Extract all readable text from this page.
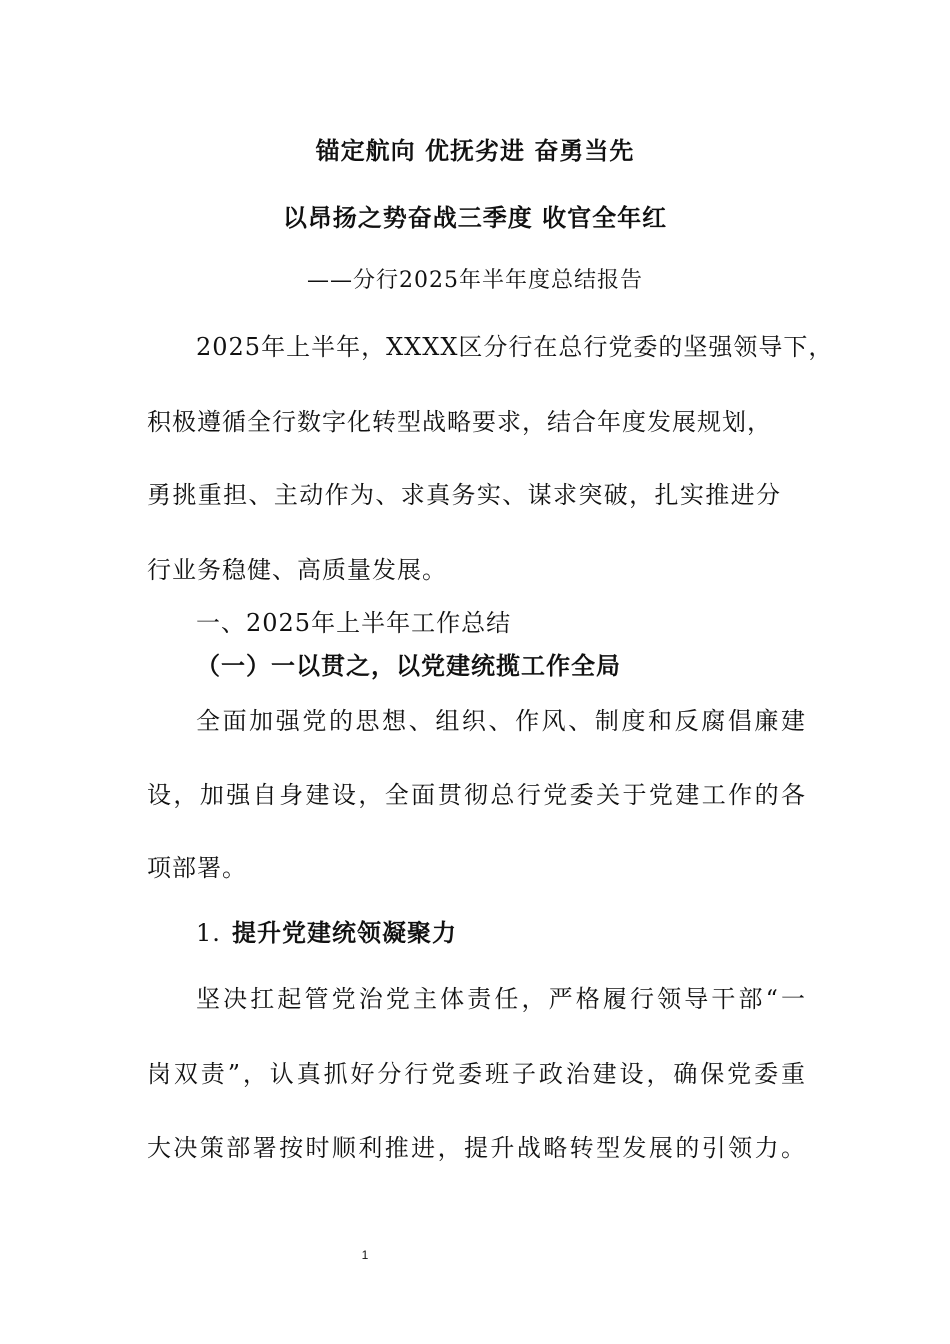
锚定航向 优抚劣进 奋勇当先
以昂扬之势奋战三季度 收官全年红
——分行2025年半年度总结报告
2025年上半年，XXXX区分行在总行党委的坚强领导下，
积极遵循全行数字化转型战略要求，结合年度发展规划，
勇挑重担、主动作为、求真务实、谋求突破，扎实推进分
行业务稳健、高质量发展。
一、2025年上半年工作总结
（一）一以贯之，以党建统揽工作全局
全面加强党的思想、组织、作风、制度和反腐倡廉建
设，加强自身建设，全面贯彻总行党委关于党建工作的各
项部署。
1. 提升党建统领凝聚力
坚决扛起管党治党主体责任，严格履行领导干部“一
岗双责”，认真抓好分行党委班子政治建设，确保党委重
大决策部署按时顺利推进，提升战略转型发展的引领力。
1
